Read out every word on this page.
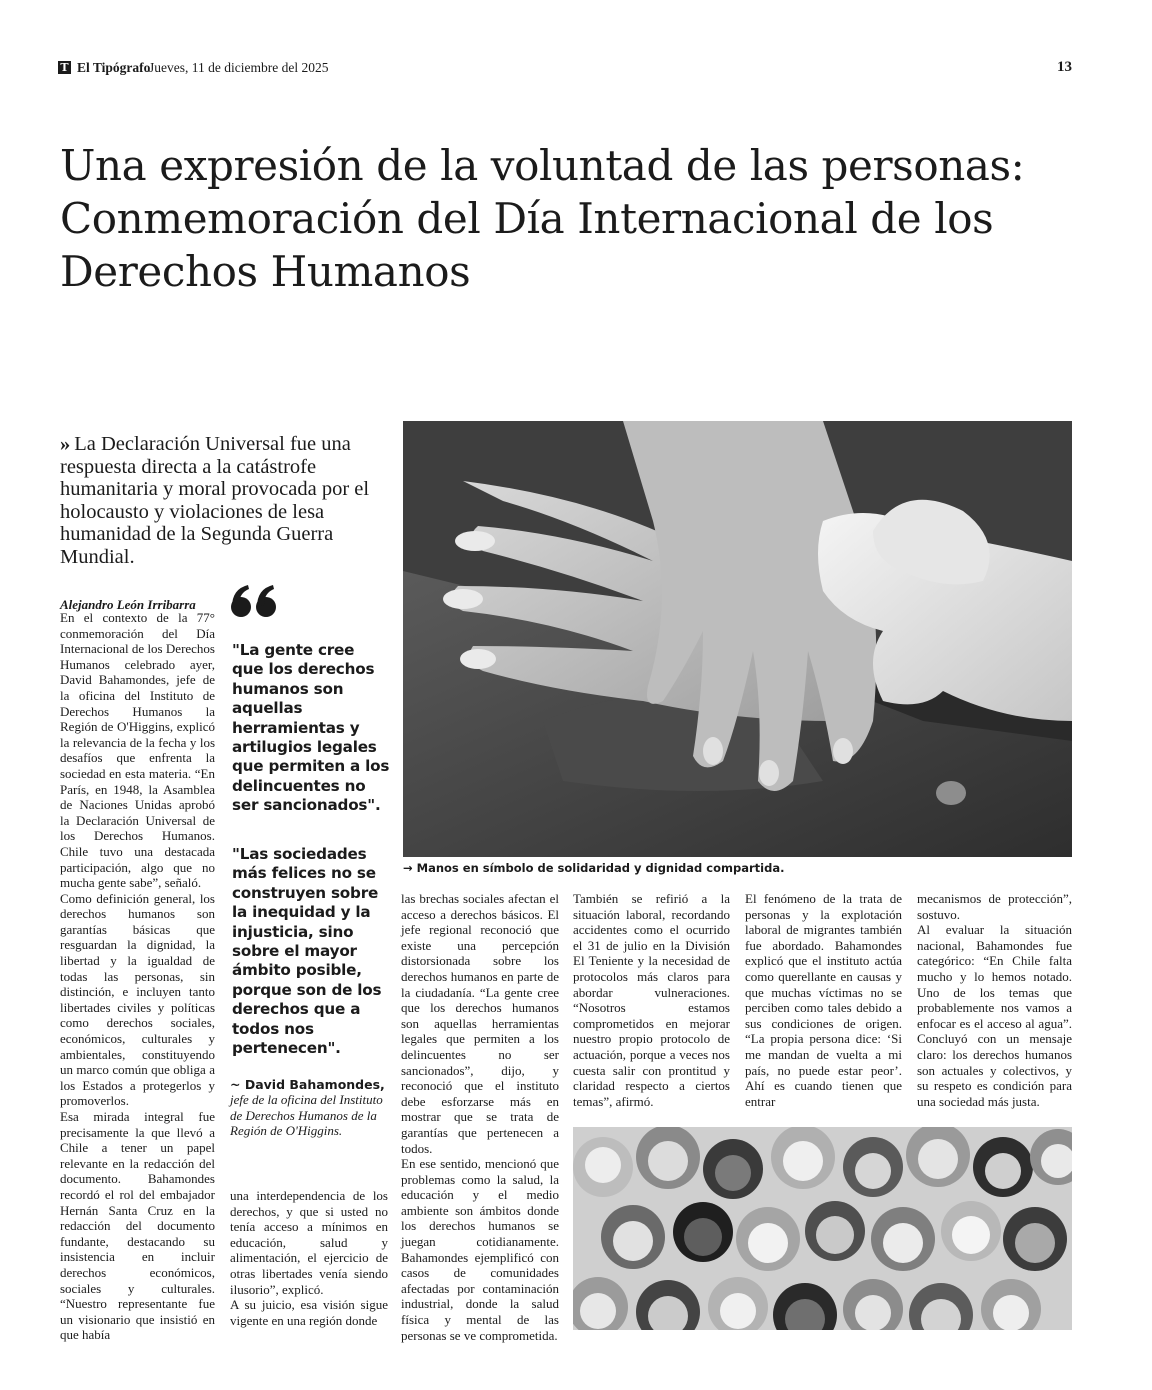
T El Tipógrafo
Jueves, 11 de diciembre del 2025	13
Una expresión de la voluntad de las personas:
Conmemoración del Día Internacional de los
Derechos Humanos
» La Declaración Universal fue una respuesta directa a la catástrofe humanitaria y moral provocada por el holocausto y violaciones de lesa humanidad de la Segunda Guerra Mundial.
→ Manos en símbolo de solidaridad y dignidad compartida.
Alejandro León Irribarra

En el contexto de la 77° conmemoración del Día Internacional de los Derechos Humanos celebrado ayer, David Bahamondes, jefe de la oficina del Instituto de Derechos Humanos la Región de O'Higgins, explicó la relevancia de la fecha y los desafíos que enfrenta la sociedad en esta materia. “En París, en 1948, la Asamblea de Naciones Unidas aprobó la Declaración Universal de los Derechos Humanos. Chile tuvo una destacada participación, algo que no mucha gente sabe”, señaló.

Como definición general, los derechos humanos son garantías básicas que resguardan la dignidad, la libertad y la igualdad de todas las personas, sin distinción, e incluyen tanto libertades civiles y políticas como derechos sociales, económicos, culturales y ambientales, constituyendo un marco común que obliga a los Estados a protegerlos y promoverlos.

Esa mirada integral fue precisamente la que llevó a Chile a tener un papel relevante en la redacción del documento. Bahamondes recordó el rol del embajador Hernán Santa Cruz en la redacción del documento fundante, destacando su insistencia en incluir derechos económicos, sociales y culturales. “Nuestro representante fue un visionario que insistió en que había

"La gente cree que los derechos humanos son aquellas herramientas y artilugios legales que permiten a los delincuentes no ser sancionados".
"Las sociedades más felices no se construyen sobre la inequidad y la injusticia, sino sobre el mayor ámbito posible, porque son de los derechos que a todos nos pertenecen".
~ David Bahamondes,
jefe de la oficina del Instituto de Derechos Humanos de la Región de O'Higgins.

una interdependencia de los derechos, y que si usted no tenía acceso a mínimos en educación, salud y alimentación, el ejercicio de otras libertades venía siendo ilusorio”, explicó.

A su juicio, esa visión sigue vigente en una región donde

las brechas sociales afectan el acceso a derechos básicos. El jefe regional reconoció que existe una percepción distorsionada sobre los derechos humanos en parte de la ciudadanía. “La gente cree que los derechos humanos son aquellas herramientas legales que permiten a los delincuentes no ser sancionados”, dijo, y reconoció que el instituto debe esforzarse más en mostrar que se trata de garantías que pertenecen a todos.

En ese sentido, mencionó que problemas como la salud, la educación y el medio ambiente son ámbitos donde los derechos humanos se juegan cotidianamente. Bahamondes ejemplificó con casos de comunidades afectadas por contaminación industrial, donde la salud física y mental de las personas se ve comprometida.

También se refirió a la situación laboral, recordando accidentes como el ocurrido el 31 de julio en la División El Teniente y la necesidad de protocolos más claros para abordar vulneraciones. “Nosotros estamos comprometidos en mejorar nuestro propio protocolo de actuación, porque a veces nos cuesta salir con prontitud y claridad respecto a ciertos temas”, afirmó.

El fenómeno de la trata de personas y la explotación laboral de migrantes también fue abordado. Bahamondes explicó que el instituto actúa como querellante en causas y que muchas víctimas no se perciben como tales debido a sus condiciones de origen. “La propia persona dice: ‘Si me mandan de vuelta a mi país, no puede estar peor’. Ahí es cuando tienen que entrar

mecanismos de protección”, sostuvo.

Al evaluar la situación nacional, Bahamondes fue categórico: “En Chile falta mucho y lo hemos notado. Uno de los temas que probablemente nos vamos a enfocar es el acceso al agua”. Concluyó con un mensaje claro: los derechos humanos son actuales y colectivos, y su respeto es condición para una sociedad más justa.
